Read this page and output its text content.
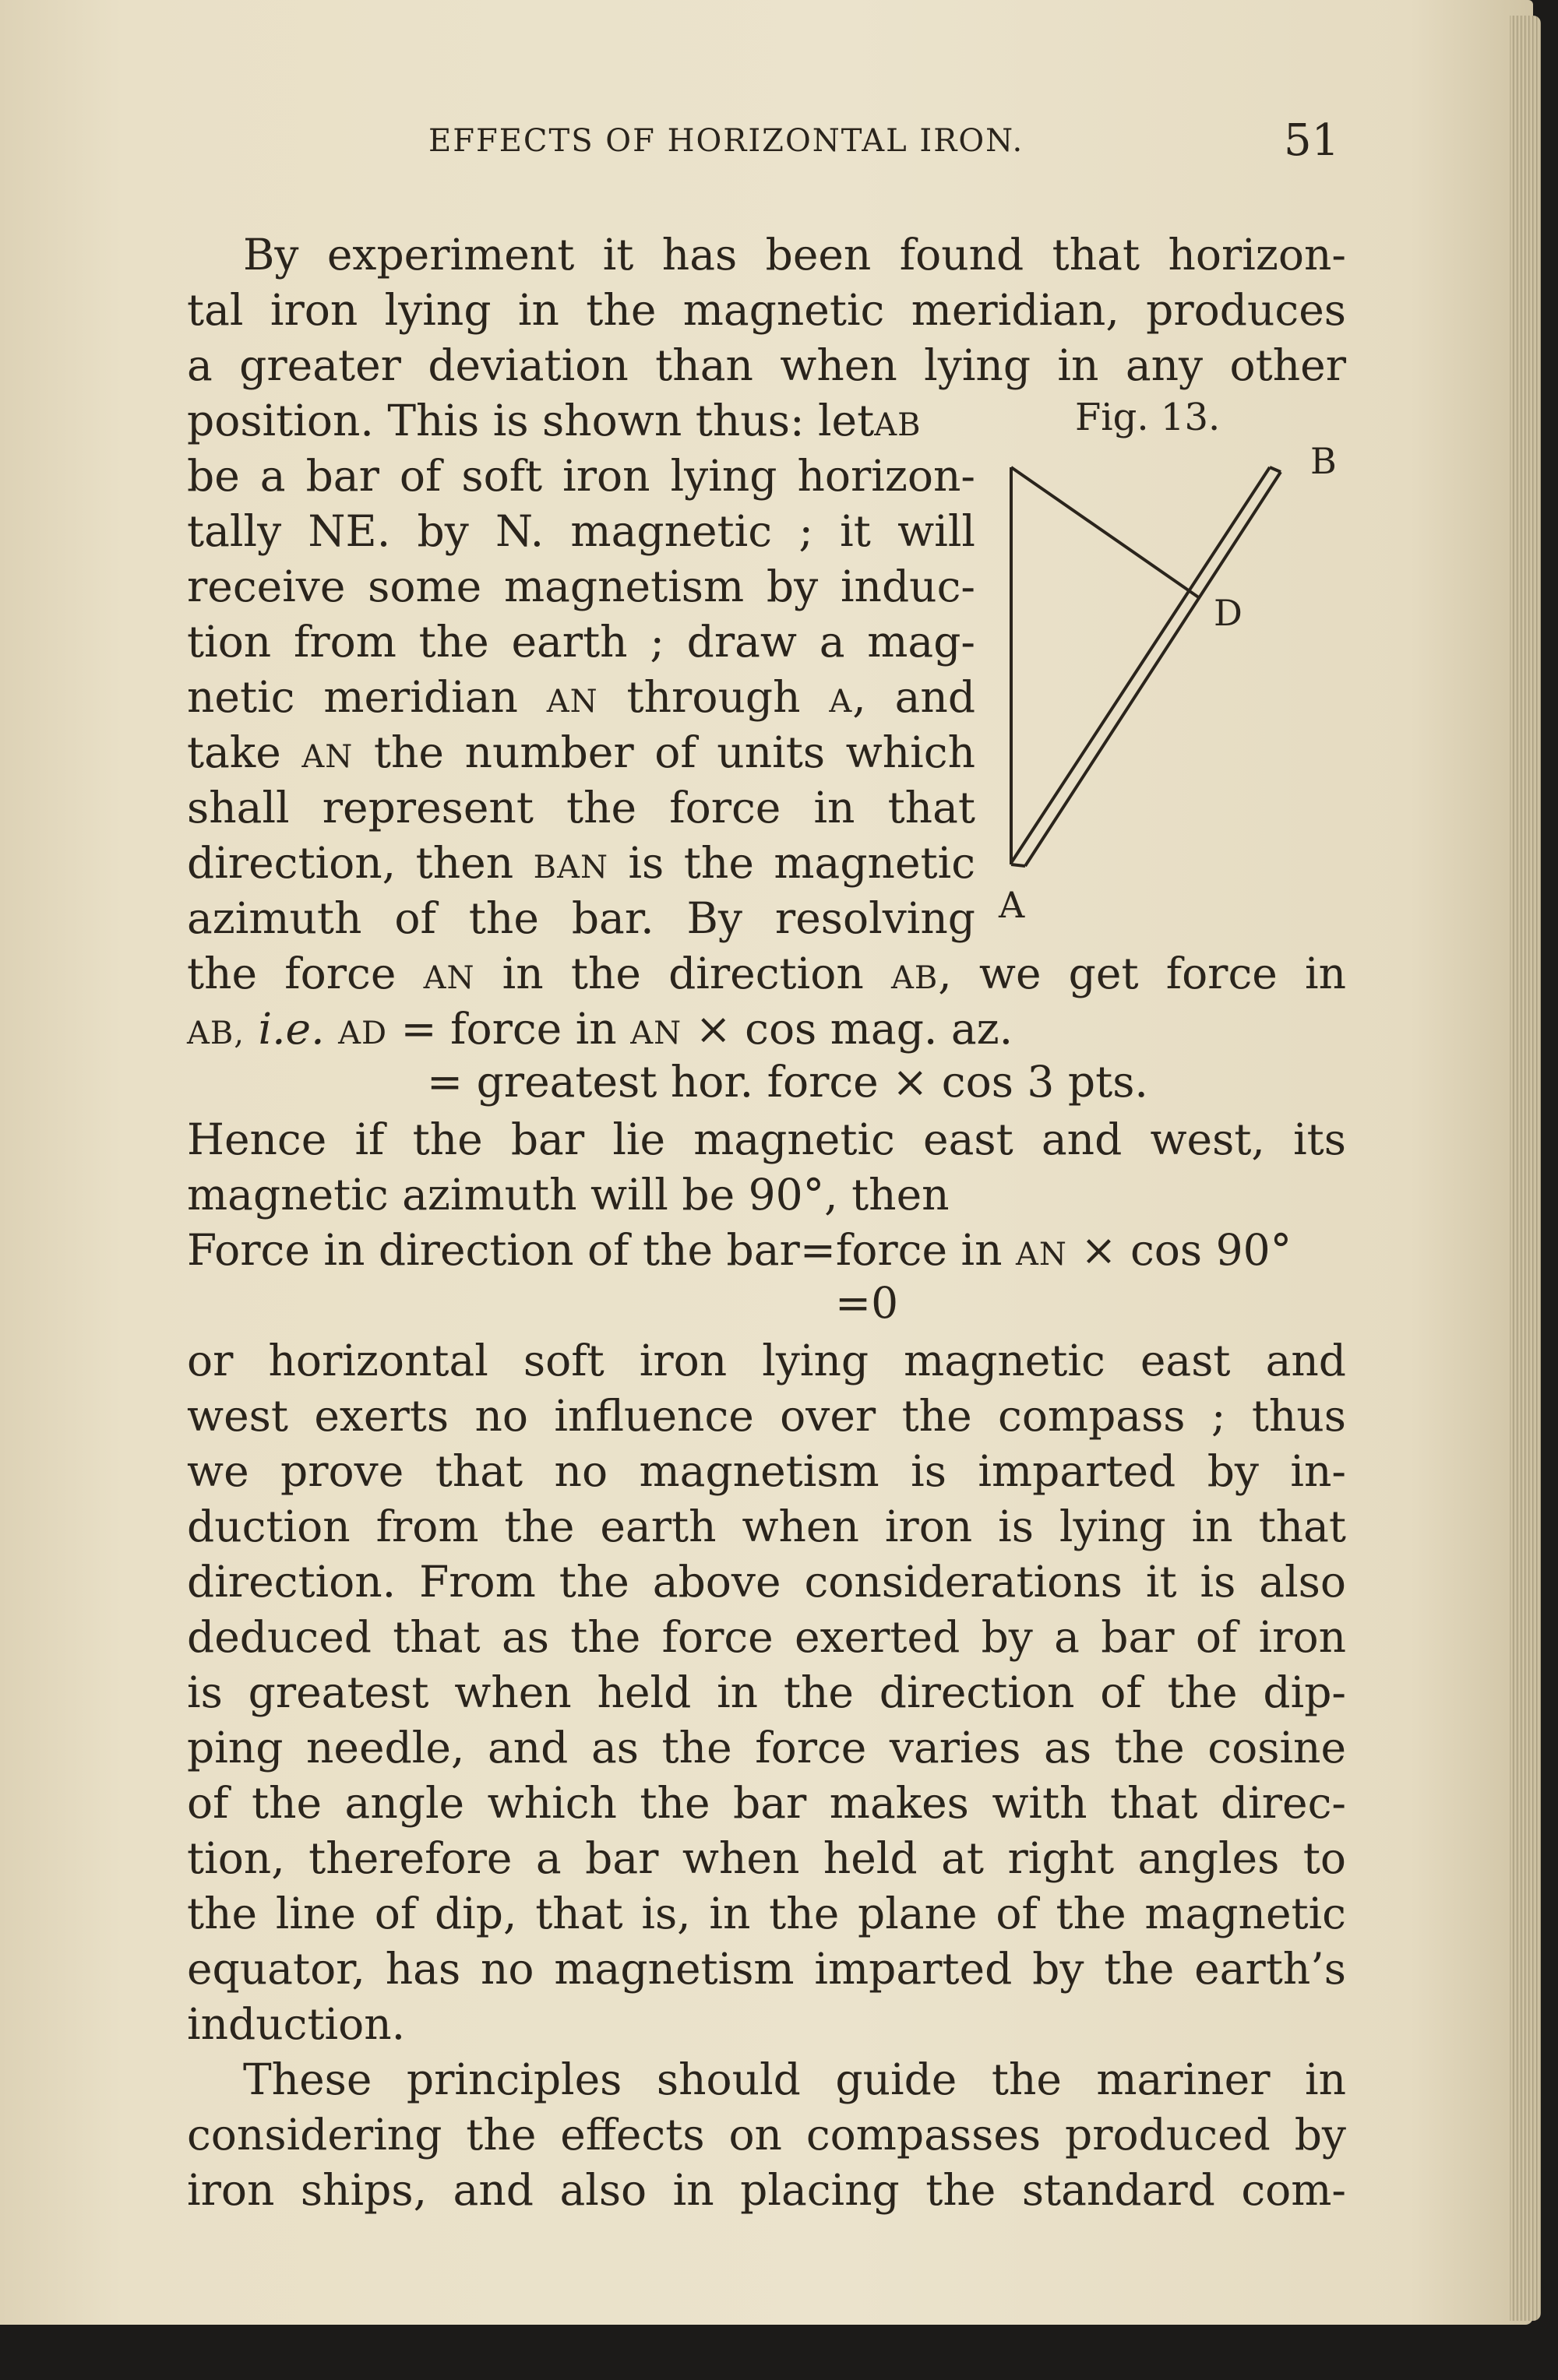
EFFECTS OF HORIZONTAL IRON.	51
By experiment it has been found that horizon-
tal iron lying in the magnetic meridian, produces
a greater deviation than when lying in any other
position. This is shown thus: letAB	Fig. 13.
be a bar of soft iron lying horizon-
tally NE. by N. magnetic ; it will
receive some magnetism by induc-
tion from the earth ; draw a mag-
netic meridian AN through A, and
take AN the number of units which
shall represent the force in that
direction, then BAN is the magnetic
azimuth of the bar. By resolving
the force AN in the direction AB, we get force in
AB, i.e. AD = force in AN × cos mag. az.
= greatest hor. force × cos 3 pts.
Hence if the bar lie magnetic east and west, its
magnetic azimuth will be 90°, then
Force in direction of the bar=force in AN × cos 90°
=0
or horizontal soft iron lying magnetic east and
west exerts no influence over the compass ; thus
we prove that no magnetism is imparted by in-
duction from the earth when iron is lying in that
direction. From the above considerations it is also
deduced that as the force exerted by a bar of iron
is greatest when held in the direction of the dip-
ping needle, and as the force varies as the cosine
of the angle which the bar makes with that direc-
tion, therefore a bar when held at right angles to
the line of dip, that is, in the plane of the magnetic
equator, has no magnetism imparted by the earth’s
induction.
These principles should guide the mariner in
considering the effects on compasses produced by
iron ships, and also in placing the standard com-
B
D
A
